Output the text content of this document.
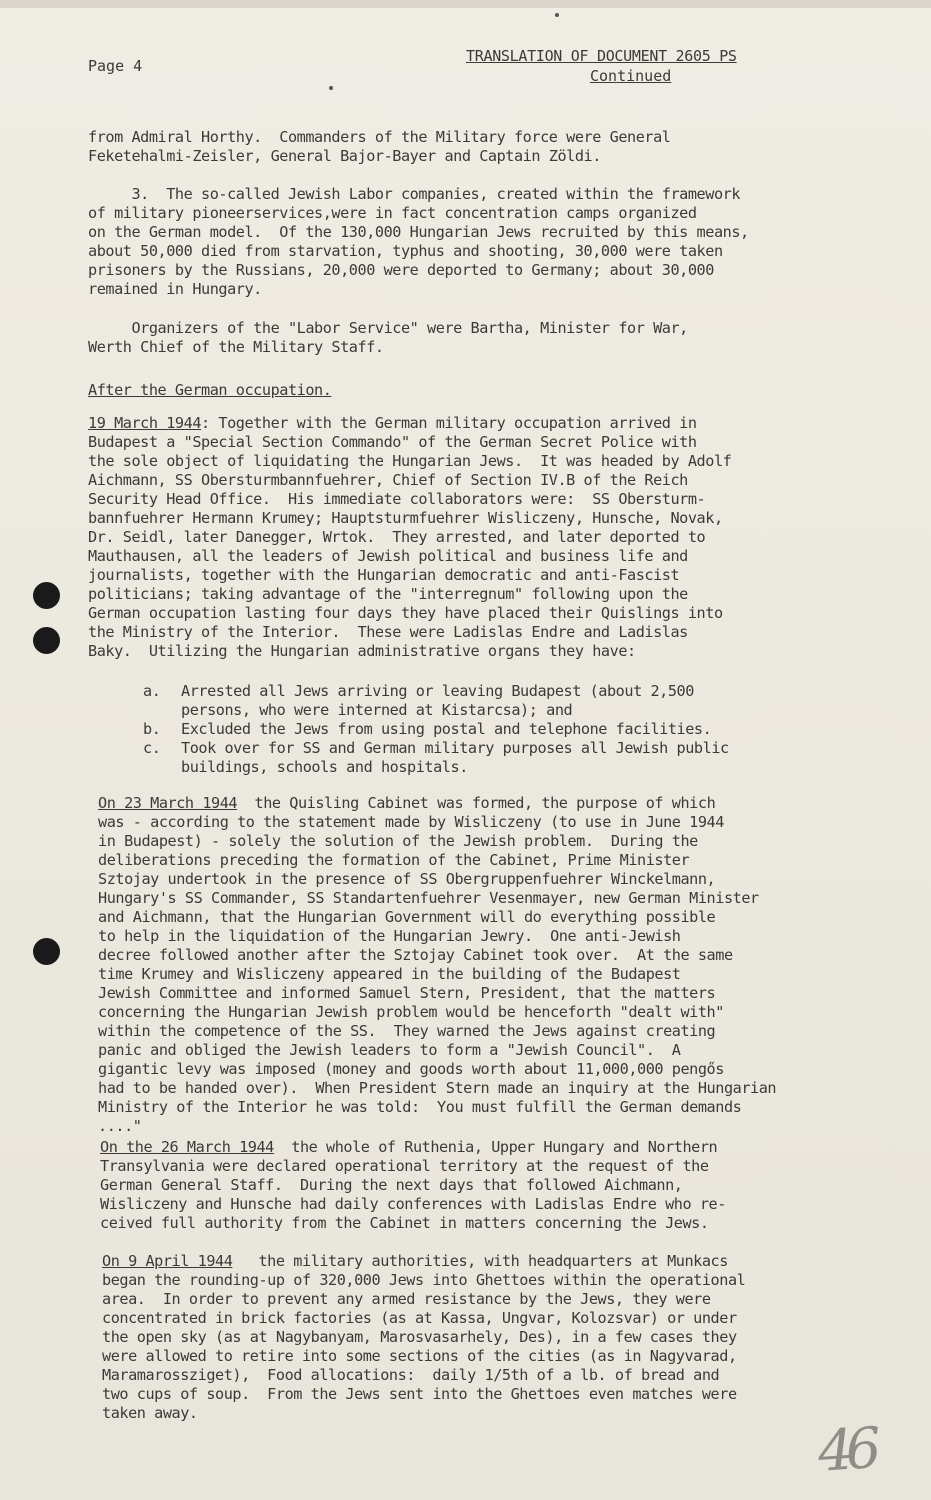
Page 4
TRANSLATION OF DOCUMENT 2605 PS
Continued

from Admiral Horthy.  Commanders of the Military force were General

Feketehalmi-Zeisler, General Bajor-Bayer and Captain Zöldi.

3.  The so-called Jewish Labor companies, created within the framework

of military pioneerservices,were in fact concentration camps organized

on the German model.  Of the 130,000 Hungarian Jews recruited by this means,

about 50,000 died from starvation, typhus and shooting, 30,000 were taken

prisoners by the Russians, 20,000 were deported to Germany; about 30,000

remained in Hungary.

Organizers of the "Labor Service" were Bartha, Minister for War,

Werth Chief of the Military Staff.

After the German occupation.

19 March 1944: Together with the German military occupation arrived in

Budapest a "Special Section Commando" of the German Secret Police with

the sole object of liquidating the Hungarian Jews.  It was headed by Adolf

Aichmann, SS Obersturmbannfuehrer, Chief of Section IV.B of the Reich

Security Head Office.  His immediate collaborators were:  SS Obersturm-

bannfuehrer Hermann Krumey; Hauptsturmfuehrer Wisliczeny, Hunsche, Novak,

Dr. Seidl, later Danegger, Wrtok.  They arrested, and later deported to

Mauthausen, all the leaders of Jewish political and business life and

journalists, together with the Hungarian democratic and anti-Fascist

politicians; taking advantage of the "interregnum" following upon the

German occupation lasting four days they have placed their Quislings into

the Ministry of the Interior.  These were Ladislas Endre and Ladislas

Baky.  Utilizing the Hungarian administrative organs they have:

a.	Arrested all Jews arriving or leaving Budapest (about 2,500
persons, who were interned at Kistarcsa); and
b.	Excluded the Jews from using postal and telephone facilities.
c.	Took over for SS and German military purposes all Jewish public
buildings, schools and hospitals.

On 23 March 1944  the Quisling Cabinet was formed, the purpose of which

was - according to the statement made by Wisliczeny (to use in June 1944

in Budapest) - solely the solution of the Jewish problem.  During the

deliberations preceding the formation of the Cabinet, Prime Minister

Sztojay undertook in the presence of SS Obergruppenfuehrer Winckelmann,

Hungary's SS Commander, SS Standartenfuehrer Vesenmayer, new German Minister

and Aichmann, that the Hungarian Government will do everything possible

to help in the liquidation of the Hungarian Jewry.  One anti-Jewish

decree followed another after the Sztojay Cabinet took over.  At the same

time Krumey and Wisliczeny appeared in the building of the Budapest

Jewish Committee and informed Samuel Stern, President, that the matters

concerning the Hungarian Jewish problem would be henceforth "dealt with"

within the competence of the SS.  They warned the Jews against creating

panic and obliged the Jewish leaders to form a "Jewish Council".  A

gigantic levy was imposed (money and goods worth about 11,000,000 pengős

had to be handed over).  When President Stern made an inquiry at the Hungarian

Ministry of the Interior he was told:  You must fulfill the German demands

...."

On the 26 March 1944  the whole of Ruthenia, Upper Hungary and Northern

Transylvania were declared operational territory at the request of the

German General Staff.  During the next days that followed Aichmann,

Wisliczeny and Hunsche had daily conferences with Ladislas Endre who re-

ceived full authority from the Cabinet in matters concerning the Jews.

On 9 April 1944   the military authorities, with headquarters at Munkacs

began the rounding-up of 320,000 Jews into Ghettoes within the operational

area.  In order to prevent any armed resistance by the Jews, they were

concentrated in brick factories (as at Kassa, Ungvar, Kolozsvar) or under

the open sky (as at Nagybanyam, Marosvasarhely, Des), in a few cases they

were allowed to retire into some sections of the cities (as in Nagyvarad,

Maramarossziget),  Food allocations:  daily 1/5th of a lb. of bread and

two cups of soup.  From the Jews sent into the Ghettoes even matches were

taken away.

46
